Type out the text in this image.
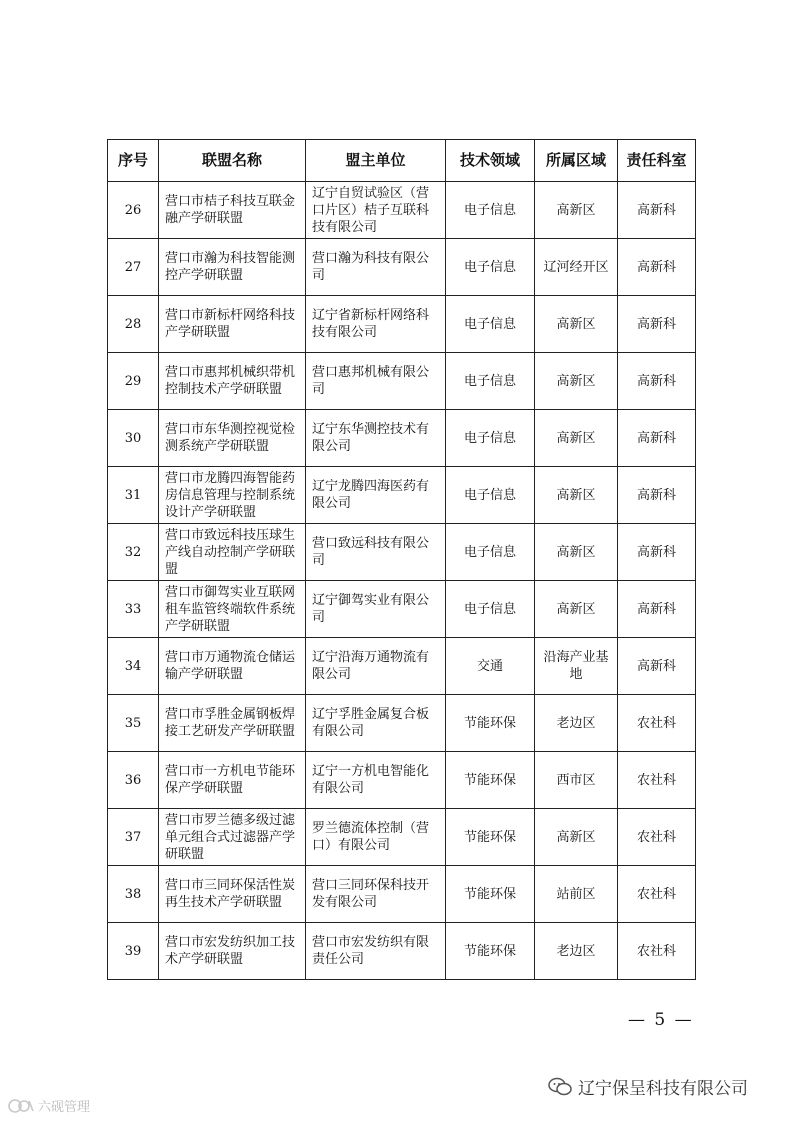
序号	联盟名称	盟主单位	技术领域	所属区域	责任科室
26	营口市桔子科技互联金融产学研联盟	辽宁自贸试验区（营口片区）桔子互联科技有限公司	电子信息	高新区	高新科
27	营口市瀚为科技智能测控产学研联盟	营口瀚为科技有限公司	电子信息	辽河经开区	高新科
28	营口市新标杆网络科技产学研联盟	辽宁省新标杆网络科技有限公司	电子信息	高新区	高新科
29	营口市惠邦机械织带机控制技术产学研联盟	营口惠邦机械有限公司	电子信息	高新区	高新科
30	营口市东华测控视觉检测系统产学研联盟	辽宁东华测控技术有限公司	电子信息	高新区	高新科
31	营口市龙腾四海智能药房信息管理与控制系统设计产学研联盟	辽宁龙腾四海医药有限公司	电子信息	高新区	高新科
32	营口市致远科技压球生产线自动控制产学研联盟	营口致远科技有限公司	电子信息	高新区	高新科
33	营口市御驾实业互联网租车监管终端软件系统产学研联盟	辽宁御驾实业有限公司	电子信息	高新区	高新科
34	营口市万通物流仓储运输产学研联盟	辽宁沿海万通物流有限公司	交通	沿海产业基地	高新科
35	营口市孚胜金属钢板焊接工艺研发产学研联盟	辽宁孚胜金属复合板有限公司	节能环保	老边区	农社科
36	营口市一方机电节能环保产学研联盟	辽宁一方机电智能化有限公司	节能环保	西市区	农社科
37	营口市罗兰德多级过滤单元组合式过滤器产学研联盟	罗兰德流体控制（营口）有限公司	节能环保	高新区	农社科
38	营口市三同环保活性炭再生技术产学研联盟	营口三同环保科技开发有限公司	节能环保	站前区	农社科
39	营口市宏发纺织加工技术产学研联盟	营口市宏发纺织有限责任公司	节能环保	老边区	农社科
— 5 —
辽宁保呈科技有限公司
六砚管理
